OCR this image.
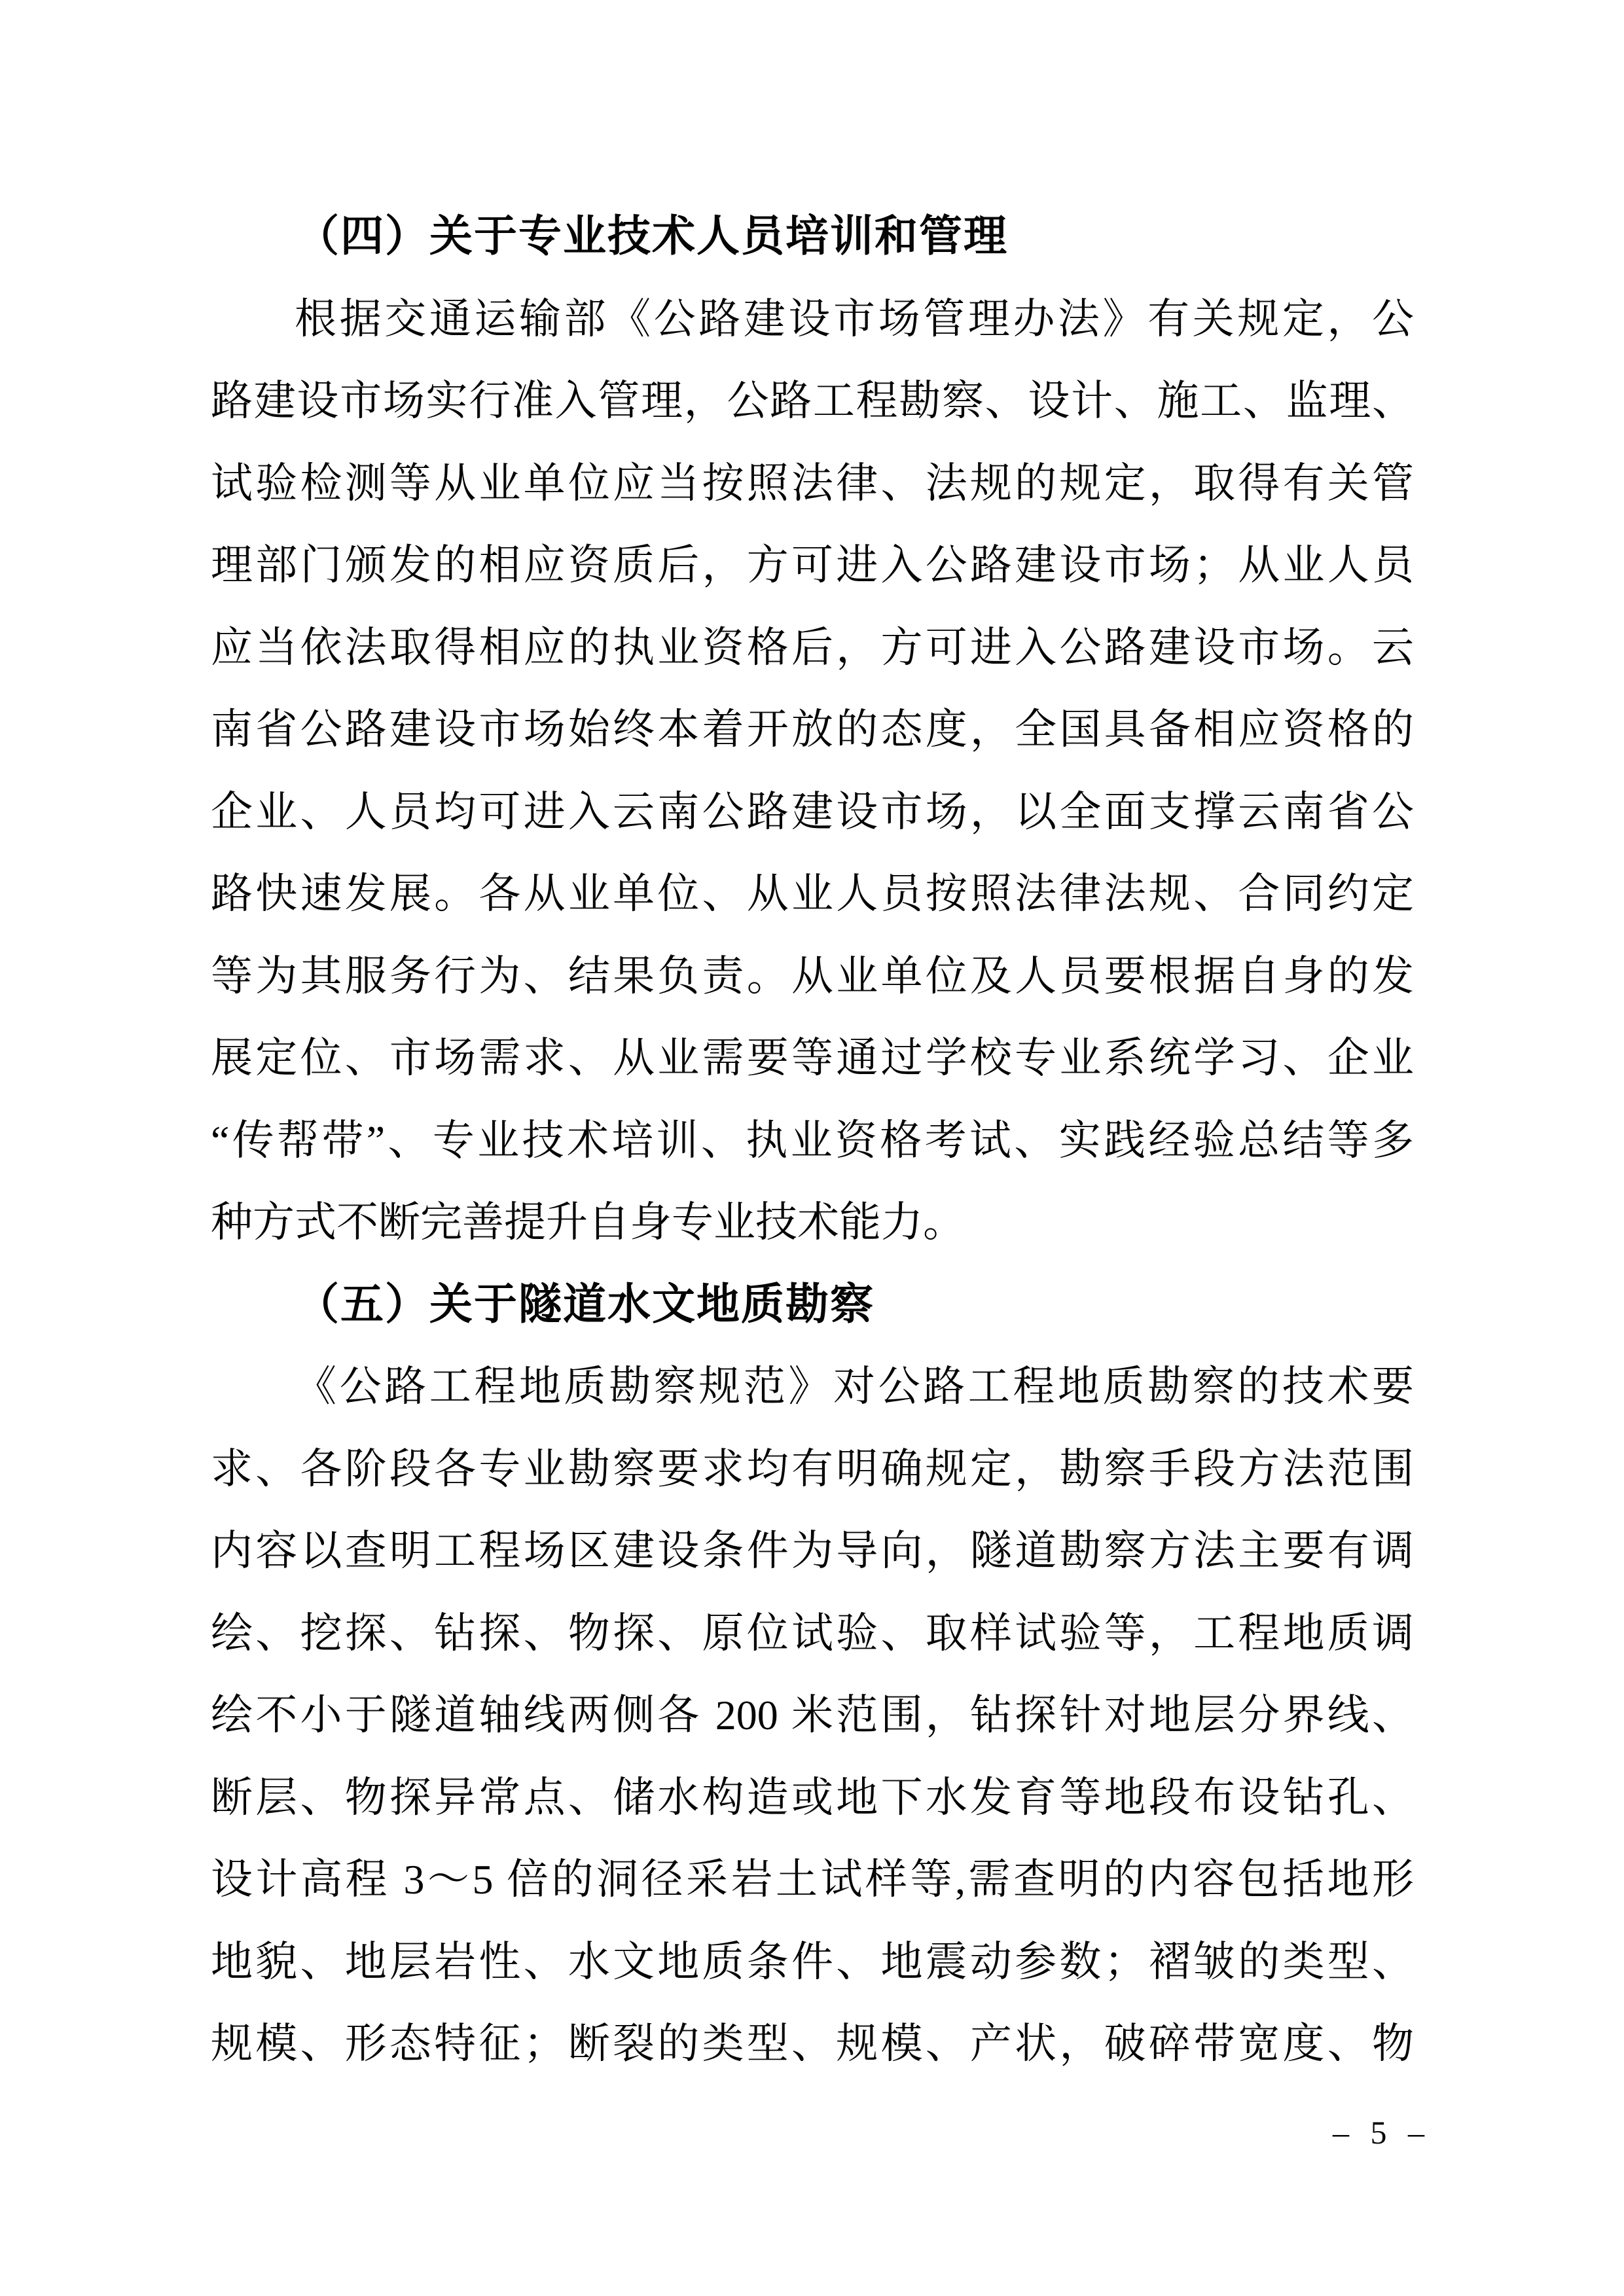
（四）关于专业技术人员培训和管理
根据交通运输部《公路建设市场管理办法》有关规定，公
路建设市场实行准入管理，公路工程勘察、设计、施工、监理、
试验检测等从业单位应当按照法律、法规的规定，取得有关管
理部门颁发的相应资质后，方可进入公路建设市场；从业人员
应当依法取得相应的执业资格后，方可进入公路建设市场。云
南省公路建设市场始终本着开放的态度，全国具备相应资格的
企业、人员均可进入云南公路建设市场，以全面支撑云南省公
路快速发展。各从业单位、从业人员按照法律法规、合同约定
等为其服务行为、结果负责。从业单位及人员要根据自身的发
展定位、市场需求、从业需要等通过学校专业系统学习、企业
“传帮带”、专业技术培训、执业资格考试、实践经验总结等多
种方式不断完善提升自身专业技术能力。
（五）关于隧道水文地质勘察
《公路工程地质勘察规范》对公路工程地质勘察的技术要
求、各阶段各专业勘察要求均有明确规定，勘察手段方法范围
内容以查明工程场区建设条件为导向，隧道勘察方法主要有调
绘、挖探、钻探、物探、原位试验、取样试验等，工程地质调
绘不小于隧道轴线两侧各 200 米范围，钻探针对地层分界线、
断层、物探异常点、储水构造或地下水发育等地段布设钻孔、
设计高程 3～5 倍的洞径采岩土试样等,需查明的内容包括地形
地貌、地层岩性、水文地质条件、地震动参数；褶皱的类型、
规模、形态特征；断裂的类型、规模、产状，破碎带宽度、物
– 5 –
